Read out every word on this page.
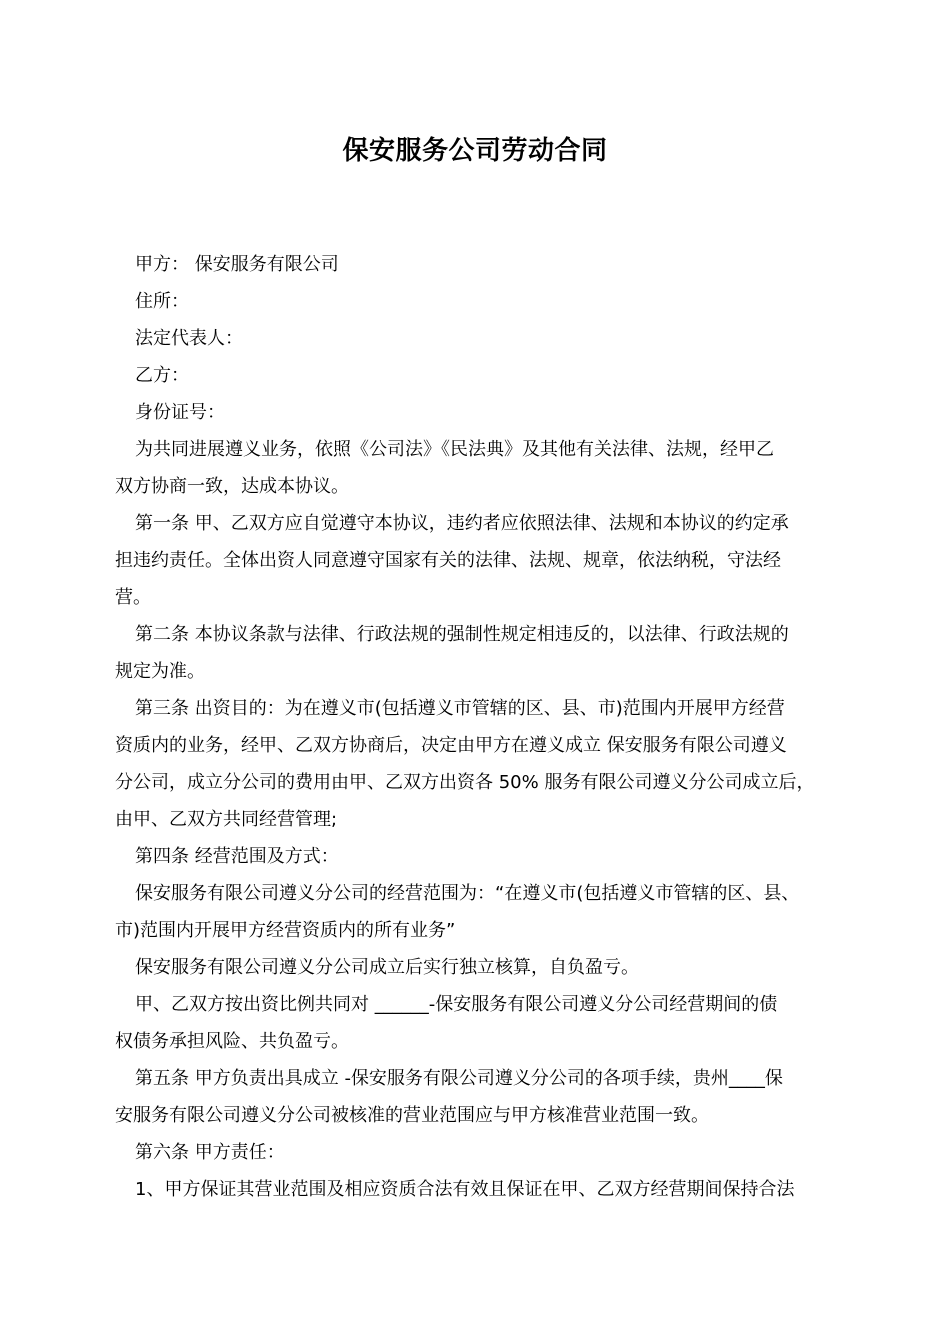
保安服务公司劳动合同

甲方： 保安服务有限公司

住所：

法定代表人：

乙方：

身份证号：

为共同进展遵义业务，依照《公司法》《民法典》及其他有关法律、法规，经甲乙
双方协商一致，达成本协议。

第一条 甲、乙双方应自觉遵守本协议，违约者应依照法律、法规和本协议的约定承
担违约责任。全体出资人同意遵守国家有关的法律、法规、规章，依法纳税，守法经
营。

第二条 本协议条款与法律、行政法规的强制性规定相违反的，以法律、行政法规的
规定为准。

第三条 出资目的：为在遵义市(包括遵义市管辖的区、县、市)范围内开展甲方经营
资质内的业务，经甲、乙双方协商后，决定由甲方在遵义成立 保安服务有限公司遵义
分公司，成立分公司的费用由甲、乙双方出资各 50% 服务有限公司遵义分公司成立后，
由甲、乙双方共同经营管理;

第四条 经营范围及方式：

保安服务有限公司遵义分公司的经营范围为：“在遵义市(包括遵义市管辖的区、县、
市)范围内开展甲方经营资质内的所有业务”

保安服务有限公司遵义分公司成立后实行独立核算，自负盈亏。

甲、乙双方按出资比例共同对 ______-保安服务有限公司遵义分公司经营期间的债
权债务承担风险、共负盈亏。

第五条 甲方负责出具成立 -保安服务有限公司遵义分公司的各项手续，贵州____保
安服务有限公司遵义分公司被核准的营业范围应与甲方核准营业范围一致。

第六条 甲方责任：

1、甲方保证其营业范围及相应资质合法有效且保证在甲、乙双方经营期间保持合法
